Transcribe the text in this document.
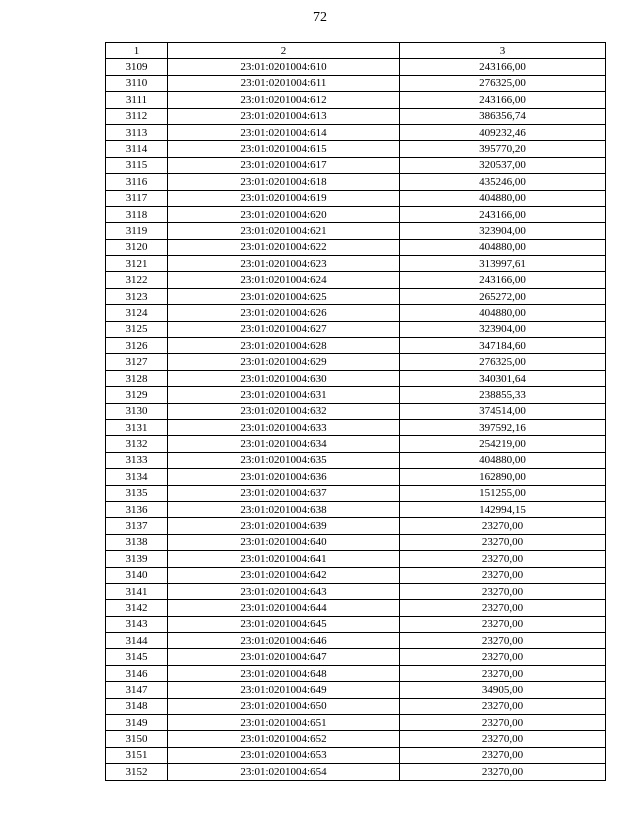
72
1	2	3
3109	23:01:0201004:610	243166,00
3110	23:01:0201004:611	276325,00
3111	23:01:0201004:612	243166,00
3112	23:01:0201004:613	386356,74
3113	23:01:0201004:614	409232,46
3114	23:01:0201004:615	395770,20
3115	23:01:0201004:617	320537,00
3116	23:01:0201004:618	435246,00
3117	23:01:0201004:619	404880,00
3118	23:01:0201004:620	243166,00
3119	23:01:0201004:621	323904,00
3120	23:01:0201004:622	404880,00
3121	23:01:0201004:623	313997,61
3122	23:01:0201004:624	243166,00
3123	23:01:0201004:625	265272,00
3124	23:01:0201004:626	404880,00
3125	23:01:0201004:627	323904,00
3126	23:01:0201004:628	347184,60
3127	23:01:0201004:629	276325,00
3128	23:01:0201004:630	340301,64
3129	23:01:0201004:631	238855,33
3130	23:01:0201004:632	374514,00
3131	23:01:0201004:633	397592,16
3132	23:01:0201004:634	254219,00
3133	23:01:0201004:635	404880,00
3134	23:01:0201004:636	162890,00
3135	23:01:0201004:637	151255,00
3136	23:01:0201004:638	142994,15
3137	23:01:0201004:639	23270,00
3138	23:01:0201004:640	23270,00
3139	23:01:0201004:641	23270,00
3140	23:01:0201004:642	23270,00
3141	23:01:0201004:643	23270,00
3142	23:01:0201004:644	23270,00
3143	23:01:0201004:645	23270,00
3144	23:01:0201004:646	23270,00
3145	23:01:0201004:647	23270,00
3146	23:01:0201004:648	23270,00
3147	23:01:0201004:649	34905,00
3148	23:01:0201004:650	23270,00
3149	23:01:0201004:651	23270,00
3150	23:01:0201004:652	23270,00
3151	23:01:0201004:653	23270,00
3152	23:01:0201004:654	23270,00
